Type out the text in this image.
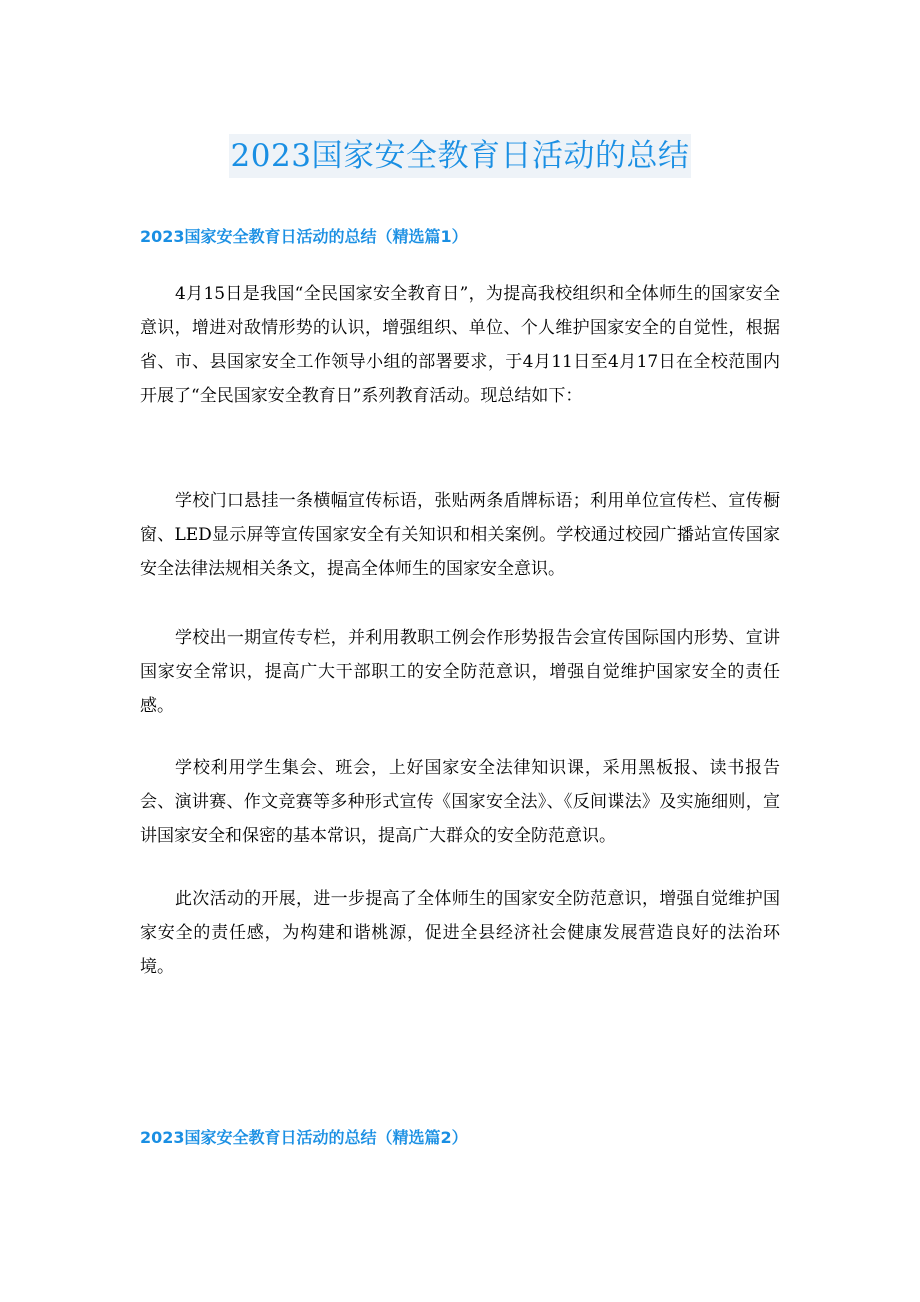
2023国家安全教育日活动的总结
2023国家安全教育日活动的总结（精选篇1）

4月15日是我国“全民国家安全教育日”，为提高我校组织和全体师生的国家安全意识，增进对敌情形势的认识，增强组织、单位、个人维护国家安全的自觉性，根据省、市、县国家安全工作领导小组的部署要求，于4月11日至4月17日在全校范围内开展了“全民国家安全教育日”系列教育活动。现总结如下：

学校门口悬挂一条横幅宣传标语，张贴两条盾牌标语；利用单位宣传栏、宣传橱窗、LED显示屏等宣传国家安全有关知识和相关案例。学校通过校园广播站宣传国家安全法律法规相关条文，提高全体师生的国家安全意识。

学校出一期宣传专栏，并利用教职工例会作形势报告会宣传国际国内形势、宣讲国家安全常识，提高广大干部职工的安全防范意识，增强自觉维护国家安全的责任感。

学校利用学生集会、班会，上好国家安全法律知识课，采用黑板报、读书报告会、演讲赛、作文竞赛等多种形式宣传《国家安全法》、《反间谍法》及实施细则，宣讲国家安全和保密的基本常识，提高广大群众的安全防范意识。

此次活动的开展，进一步提高了全体师生的国家安全防范意识，增强自觉维护国家安全的责任感，为构建和谐桃源，促进全县经济社会健康发展营造良好的法治环境。

2023国家安全教育日活动的总结（精选篇2）
